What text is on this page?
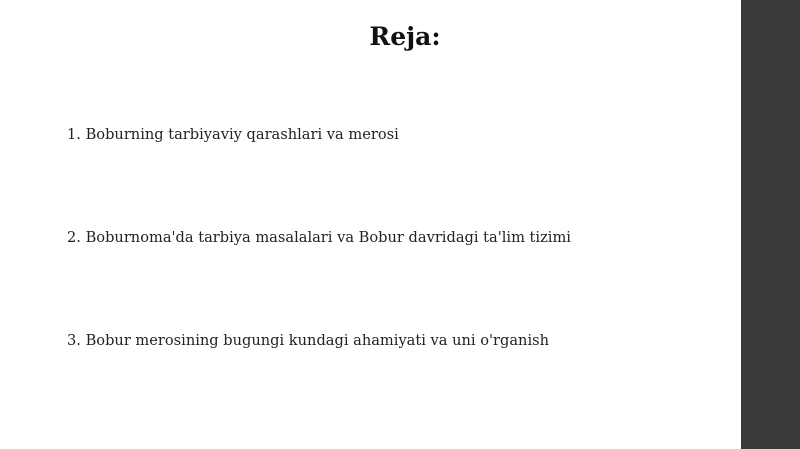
Reja:
1. Boburning tarbiyaviy qarashlari va merosi
2. Boburnoma'da tarbiya masalalari va Bobur davridagi ta'lim tizimi
3. Bobur merosining bugungi kundagi ahamiyati va uni o'rganish
